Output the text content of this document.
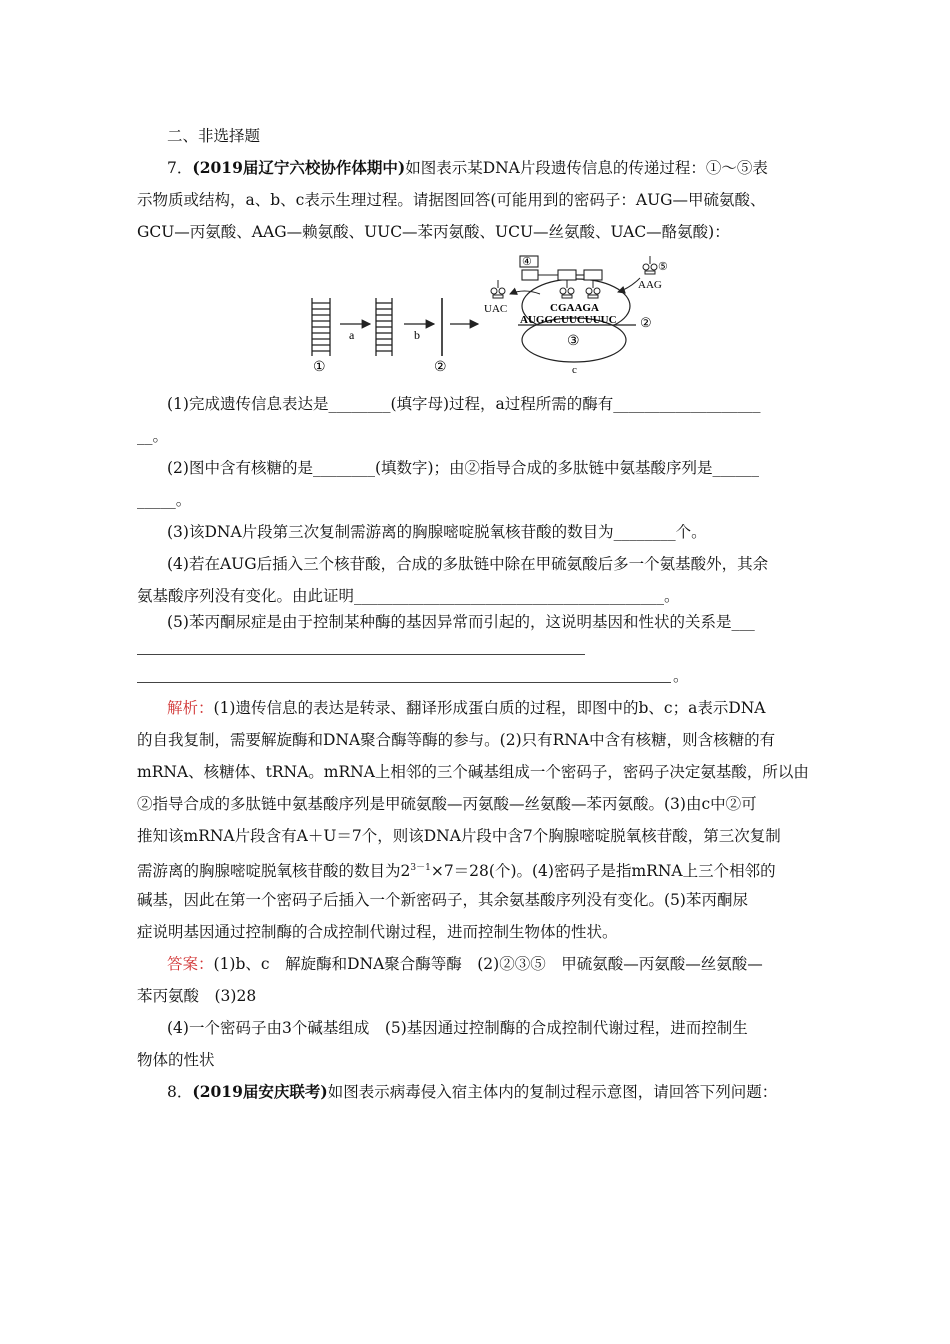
二、非选择题
7．(2019届辽宁六校协作体期中)如图表示某DNA片段遗传信息的传递过程：①～⑤表
示物质或结构，a、b、c表示生理过程。请据图回答(可能用到的密码子：AUG—甲硫氨酸、
GCU—丙氨酸、AAG—赖氨酸、UUC—苯丙氨酸、UCU—丝氨酸、UAC—酪氨酸)：
①
a	b
②
③
④
UAC
⑤
AAG
CGAAGA
AUGGCUUCUUUC ②
c
(1)完成遗传信息表达是________(填字母)过程，a过程所需的酶有___________________
__。
(2)图中含有核糖的是________(填数字)；由②指导合成的多肽链中氨基酸序列是______
_____。
(3)该DNA片段第三次复制需游离的胸腺嘧啶脱氧核苷酸的数目为________个。
(4)若在AUG后插入三个核苷酸，合成的多肽链中除在甲硫氨酸后多一个氨基酸外，其余
氨基酸序列没有变化。由此证明________________________________________。
(5)苯丙酮尿症是由于控制某种酶的基因异常而引起的，这说明基因和性状的关系是___
。
解析：(1)遗传信息的表达是转录、翻译形成蛋白质的过程，即图中的b、c；a表示DNA
的自我复制，需要解旋酶和DNA聚合酶等酶的参与。(2)只有RNA中含有核糖，则含核糖的有
mRNA、核糖体、tRNA。mRNA上相邻的三个碱基组成一个密码子，密码子决定氨基酸，所以由
②指导合成的多肽链中氨基酸序列是甲硫氨酸—丙氨酸—丝氨酸—苯丙氨酸。(3)由c中②可
推知该mRNA片段含有A＋U＝7个，则该DNA片段中含7个胸腺嘧啶脱氧核苷酸，第三次复制
需游离的胸腺嘧啶脱氧核苷酸的数目为$2^{3-1}\times 7=28$(个)。(4)密码子是指mRNA上三个相邻的
碱基，因此在第一个密码子后插入一个新密码子，其余氨基酸序列没有变化。(5)苯丙酮尿
症说明基因通过控制酶的合成控制代谢过程，进而控制生物体的性状。
答案：(1)b、c　解旋酶和DNA聚合酶等酶　(2)②③⑤　甲硫氨酸—丙氨酸—丝氨酸—
苯丙氨酸　(3)28
(4)一个密码子由3个碱基组成　(5)基因通过控制酶的合成控制代谢过程，进而控制生
物体的性状
8．(2019届安庆联考)如图表示病毒侵入宿主体内的复制过程示意图，请回答下列问题：
